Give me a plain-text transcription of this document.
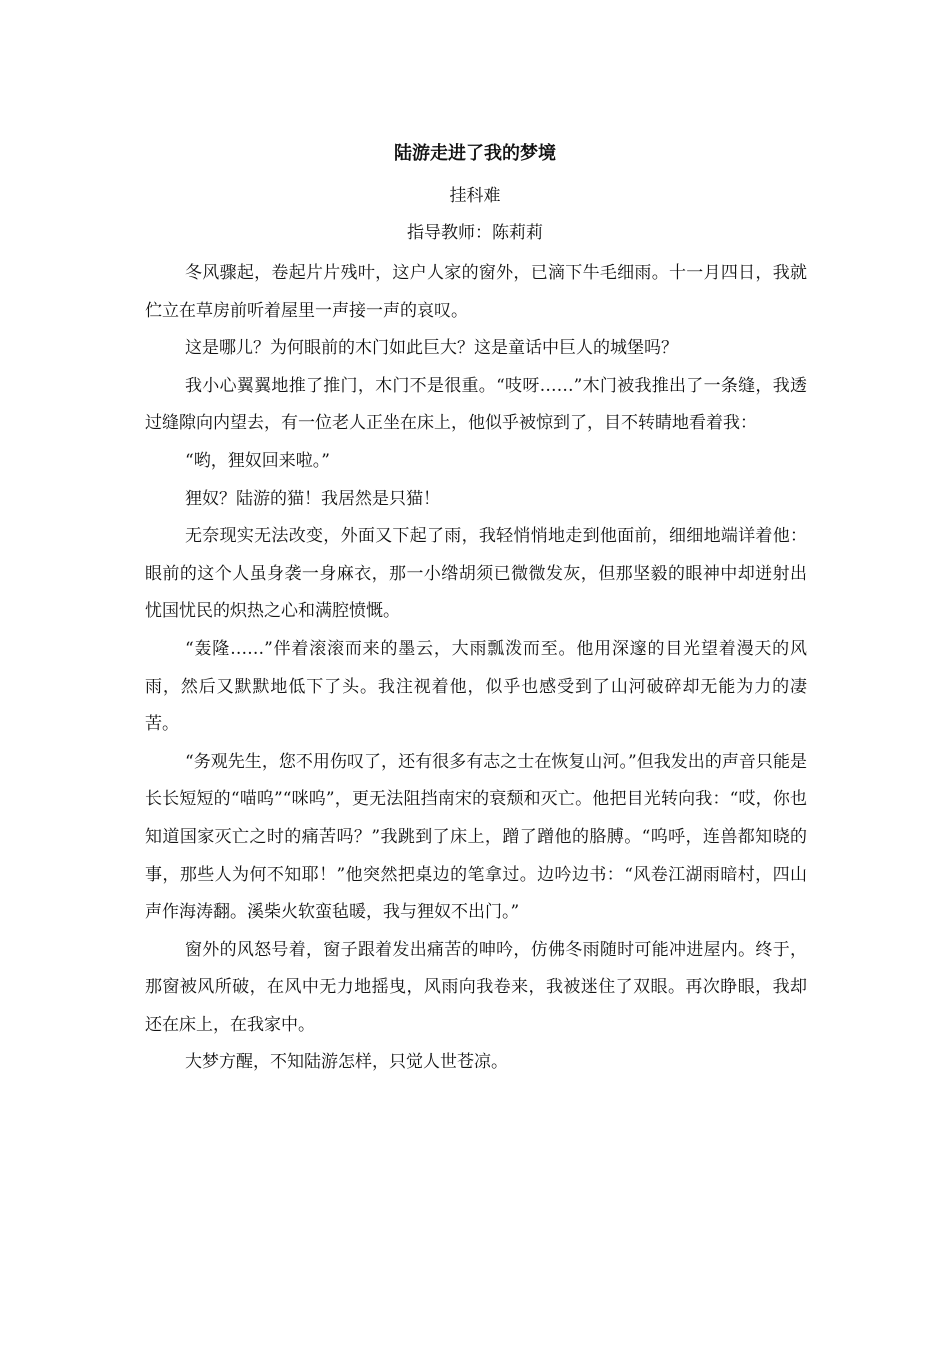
陆游走进了我的梦境
挂科难
指导教师：陈莉莉

冬风骤起，卷起片片残叶，这户人家的窗外，已滴下牛毛细雨。十一月四日，我就伫立在草房前听着屋里一声接一声的哀叹。

这是哪儿？为何眼前的木门如此巨大？这是童话中巨人的城堡吗？

我小心翼翼地推了推门，木门不是很重。“吱呀……”木门被我推出了一条缝，我透过缝隙向内望去，有一位老人正坐在床上，他似乎被惊到了，目不转睛地看着我：

“哟，狸奴回来啦。”

狸奴？陆游的猫！我居然是只猫！

无奈现实无法改变，外面又下起了雨，我轻悄悄地走到他面前，细细地端详着他：眼前的这个人虽身袭一身麻衣，那一小绺胡须已微微发灰，但那坚毅的眼神中却迸射出忧国忧民的炽热之心和满腔愤慨。

“轰隆……”伴着滚滚而来的墨云，大雨瓢泼而至。他用深邃的目光望着漫天的风雨，然后又默默地低下了头。我注视着他，似乎也感受到了山河破碎却无能为力的凄苦。

“务观先生，您不用伤叹了，还有很多有志之士在恢复山河。”但我发出的声音只能是长长短短的“喵呜”“咪呜”，更无法阻挡南宋的衰颓和灭亡。他把目光转向我：“哎，你也知道国家灭亡之时的痛苦吗？”我跳到了床上，蹭了蹭他的胳膊。“呜呼，连兽都知晓的事，那些人为何不知耶！”他突然把桌边的笔拿过。边吟边书：“风卷江湖雨暗村，四山声作海涛翻。溪柴火软蛮毡暖，我与狸奴不出门。”

窗外的风怒号着，窗子跟着发出痛苦的呻吟，仿佛冬雨随时可能冲进屋内。终于，那窗被风所破，在风中无力地摇曳，风雨向我卷来，我被迷住了双眼。再次睁眼，我却还在床上，在我家中。

大梦方醒，不知陆游怎样，只觉人世苍凉。
